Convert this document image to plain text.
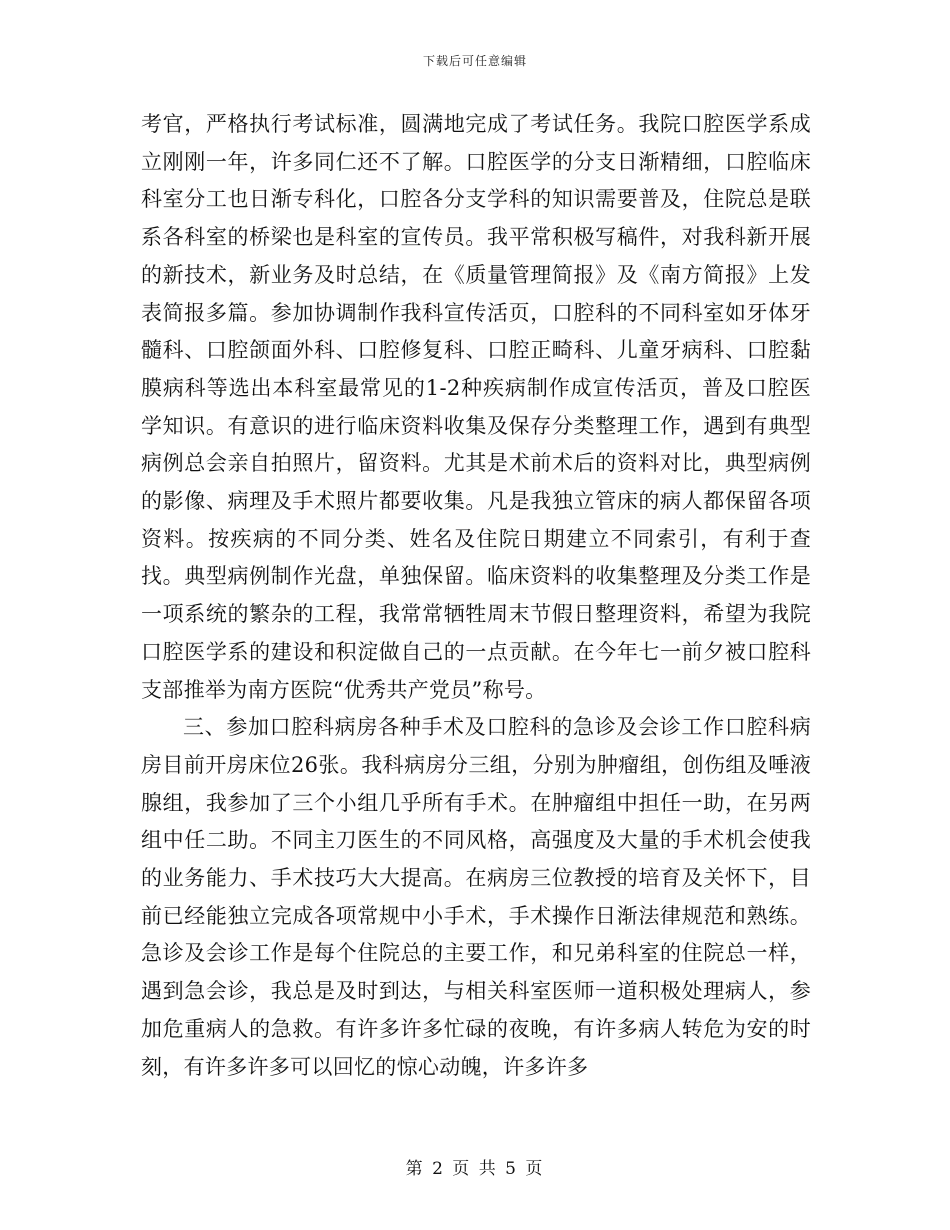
下载后可任意编辑

考官，严格执行考试标准，圆满地完成了考试任务。我院口腔医学系成立刚刚一年，许多同仁还不了解。口腔医学的分支日渐精细，口腔临床科室分工也日渐专科化，口腔各分支学科的知识需要普及，住院总是联系各科室的桥梁也是科室的宣传员。我平常积极写稿件，对我科新开展的新技术，新业务及时总结，在《质量管理简报》及《南方简报》上发表简报多篇。参加协调制作我科宣传活页，口腔科的不同科室如牙体牙髓科、口腔颌面外科、口腔修复科、口腔正畸科、儿童牙病科、口腔黏膜病科等选出本科室最常见的1-2种疾病制作成宣传活页，普及口腔医学知识。有意识的进行临床资料收集及保存分类整理工作，遇到有典型病例总会亲自拍照片，留资料。尤其是术前术后的资料对比，典型病例的影像、病理及手术照片都要收集。凡是我独立管床的病人都保留各项资料。按疾病的不同分类、姓名及住院日期建立不同索引，有利于查找。典型病例制作光盘，单独保留。临床资料的收集整理及分类工作是一项系统的繁杂的工程，我常常牺牲周末节假日整理资料，希望为我院口腔医学系的建设和积淀做自己的一点贡献。在今年七一前夕被口腔科支部推举为南方医院“优秀共产党员”称号。

三、参加口腔科病房各种手术及口腔科的急诊及会诊工作口腔科病房目前开房床位26张。我科病房分三组，分别为肿瘤组，创伤组及唾液腺组，我参加了三个小组几乎所有手术。在肿瘤组中担任一助，在另两组中任二助。不同主刀医生的不同风格，高强度及大量的手术机会使我的业务能力、手术技巧大大提高。在病房三位教授的培育及关怀下，目前已经能独立完成各项常规中小手术，手术操作日渐法律规范和熟练。急诊及会诊工作是每个住院总的主要工作，和兄弟科室的住院总一样，遇到急会诊，我总是及时到达，与相关科室医师一道积极处理病人，参加危重病人的急救。有许多许多忙碌的夜晚，有许多病人转危为安的时刻，有许多许多可以回忆的惊心动魄，许多许多

第 2 页 共 5 页
